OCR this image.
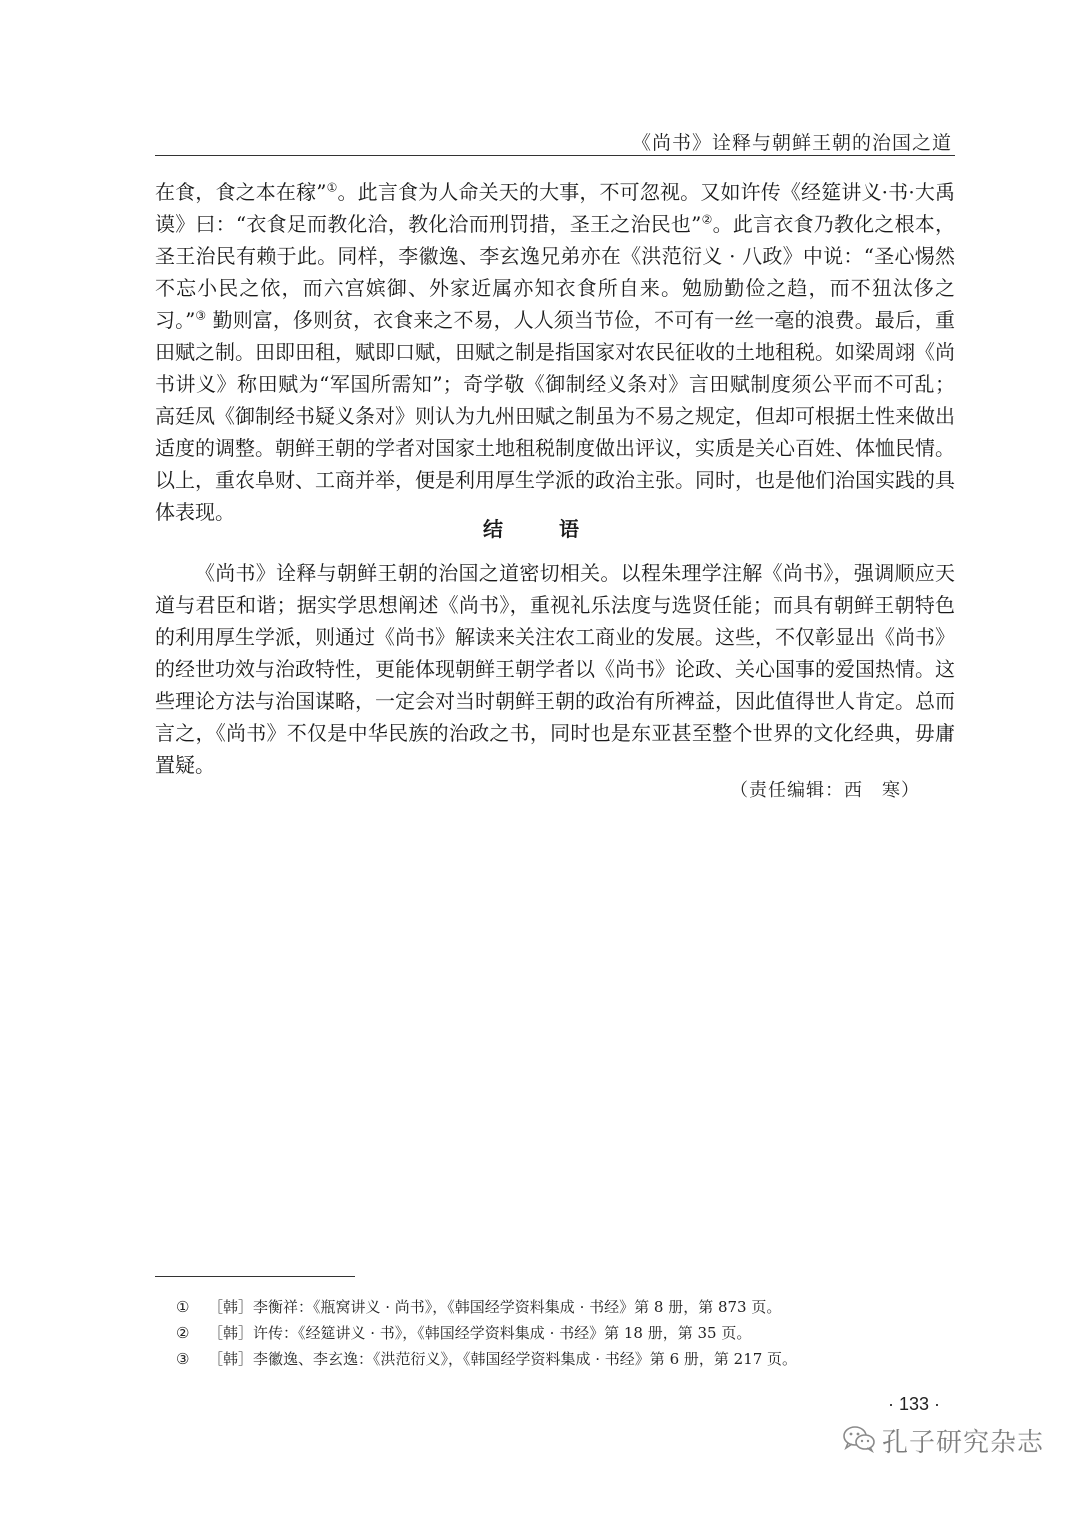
《尚书》诠释与朝鲜王朝的治国之道
在食，食之本在稼”①。此言食为人命关天的大事，不可忽视。又如许传《经筵讲义·书·大禹谟》曰：“衣食足而教化洽，教化洽而刑罚措，圣王之治民也”②。此言衣食乃教化之根本，圣王治民有赖于此。同样，李徽逸、李玄逸兄弟亦在《洪范衍义 · 八政》中说：“圣心惕然不忘小民之依，而六宫嫔御、外家近属亦知衣食所自来。勉励勤俭之趋，而不狃汰侈之习。”③ 勤则富，侈则贫，衣食来之不易，人人须当节俭，不可有一丝一毫的浪费。最后，重田赋之制。田即田租，赋即口赋，田赋之制是指国家对农民征收的土地租税。如梁周翊《尚书讲义》称田赋为“军国所需知”；奇学敬《御制经义条对》言田赋制度须公平而不可乱；高廷凤《御制经书疑义条对》则认为九州田赋之制虽为不易之规定，但却可根据土性来做出适度的调整。朝鲜王朝的学者对国家土地租税制度做出评议，实质是关心百姓、体恤民情。以上，重农阜财、工商并举，便是利用厚生学派的政治主张。同时，也是他们治国实践的具体表现。
结　语
《尚书》诠释与朝鲜王朝的治国之道密切相关。以程朱理学注解《尚书》，强调顺应天道与君臣和谐；据实学思想阐述《尚书》，重视礼乐法度与选贤任能；而具有朝鲜王朝特色的利用厚生学派，则通过《尚书》解读来关注农工商业的发展。这些，不仅彰显出《尚书》的经世功效与治政特性，更能体现朝鲜王朝学者以《尚书》论政、关心国事的爱国热情。这些理论方法与治国谋略，一定会对当时朝鲜王朝的政治有所裨益，因此值得世人肯定。总而言之，《尚书》不仅是中华民族的治政之书，同时也是东亚甚至整个世界的文化经典，毋庸置疑。
（责任编辑：西　寒）
① ［韩］李衡祥：《瓶窝讲义 · 尚书》，《韩国经学资料集成 · 书经》第 8 册，第 873 页。
② ［韩］许传：《经筵讲义 · 书》，《韩国经学资料集成 · 书经》第 18 册，第 35 页。
③ ［韩］李徽逸、李玄逸：《洪范衍义》，《韩国经学资料集成 · 书经》第 6 册，第 217 页。
· 133 ·
孔子研究杂志
